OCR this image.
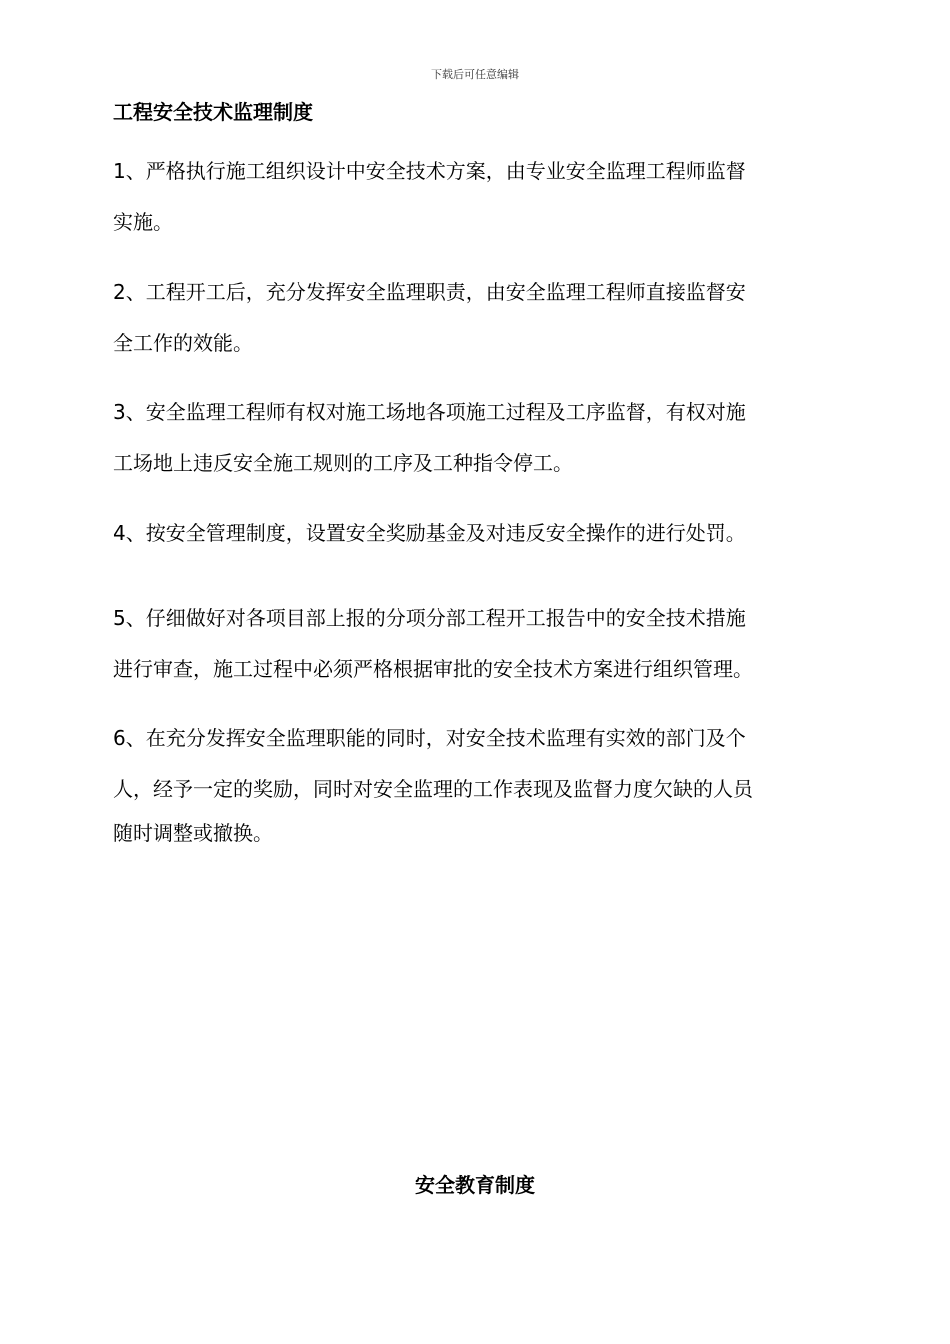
下载后可任意编辑
工程安全技术监理制度

1、严格执行施工组织设计中安全技术方案，由专业安全监理工程师监督
实施。

2、工程开工后，充分发挥安全监理职责，由安全监理工程师直接监督安
全工作的效能。

3、安全监理工程师有权对施工场地各项施工过程及工序监督，有权对施
工场地上违反安全施工规则的工序及工种指令停工。

4、按安全管理制度，设置安全奖励基金及对违反安全操作的进行处罚。

5、仔细做好对各项目部上报的分项分部工程开工报告中的安全技术措施
进行审查，施工过程中必须严格根据审批的安全技术方案进行组织管理。

6、在充分发挥安全监理职能的同时，对安全技术监理有实效的部门及个
人，经予一定的奖励，同时对安全监理的工作表现及监督力度欠缺的人员
随时调整或撤换。

安全教育制度
